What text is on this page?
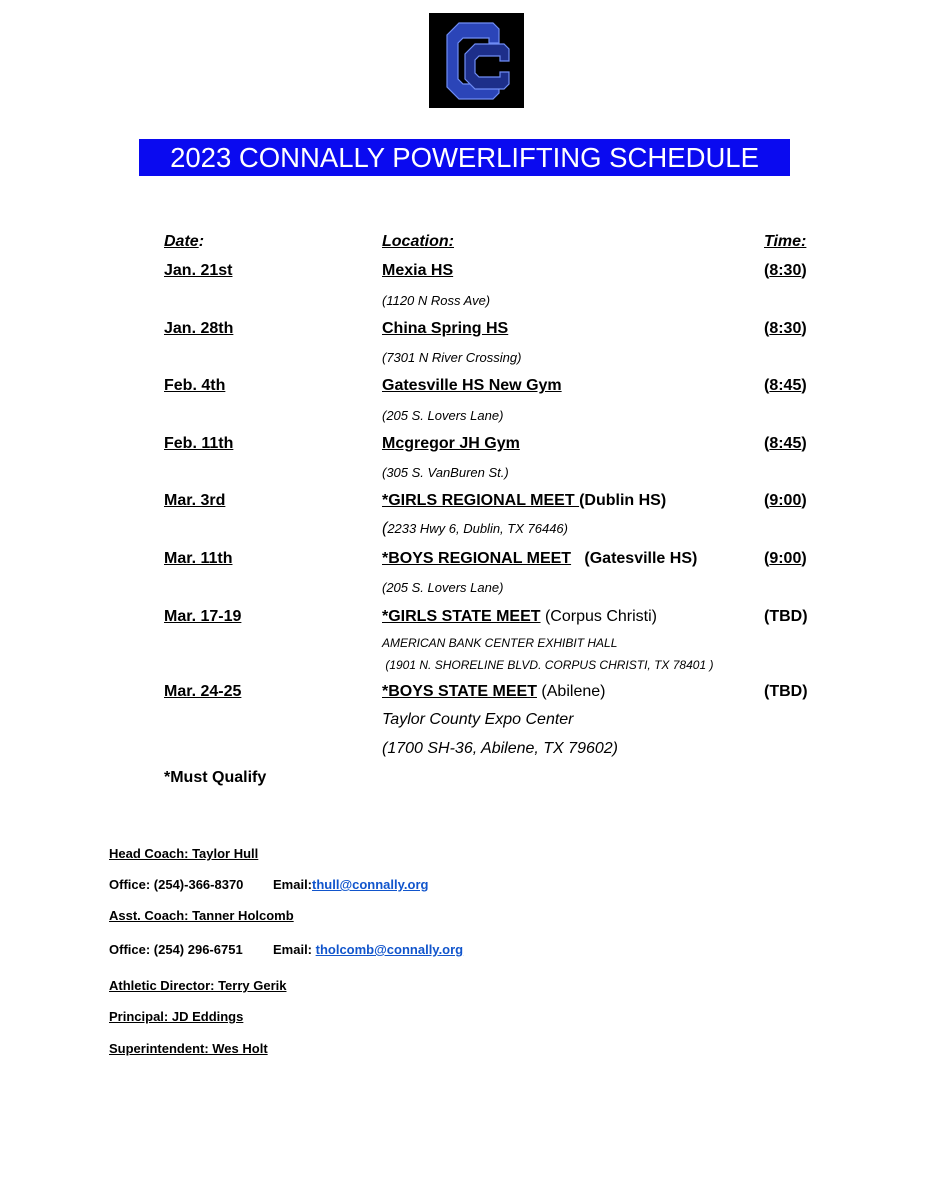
2023 CONNALLY POWERLIFTING SCHEDULE
Date:	Location:	Time:
Jan. 21st	Mexia HS	(8:30)
(1120 N Ross Ave)
Jan. 28th	China Spring HS	(8:30)
(7301 N River Crossing)
Feb. 4th	Gatesville HS New Gym	(8:45)
(205 S. Lovers Lane)
Feb. 11th	Mcgregor JH Gym	(8:45)
(305 S. VanBuren St.)
Mar. 3rd	*GIRLS REGIONAL MEET (Dublin HS)	(9:00)
(2233 Hwy 6, Dublin, TX 76446)
Mar. 11th	*BOYS REGIONAL MEET   (Gatesville HS)	(9:00)
(205 S. Lovers Lane)
Mar. 17-19	*GIRLS STATE MEET (Corpus Christi)	(TBD)
AMERICAN BANK CENTER EXHIBIT HALL
(1901 N. SHORELINE BLVD. CORPUS CHRISTI, TX 78401 )
Mar. 24-25	*BOYS STATE MEET (Abilene)	(TBD)
Taylor County Expo Center
(1700 SH-36, Abilene, TX 79602)
*Must Qualify
Head Coach: Taylor Hull
Office: (254)-366-8370 Email:thull@connally.org
Asst. Coach: Tanner Holcomb
Office: (254) 296-6751 Email: tholcomb@connally.org
Athletic Director: Terry Gerik
Principal: JD Eddings
Superintendent: Wes Holt
